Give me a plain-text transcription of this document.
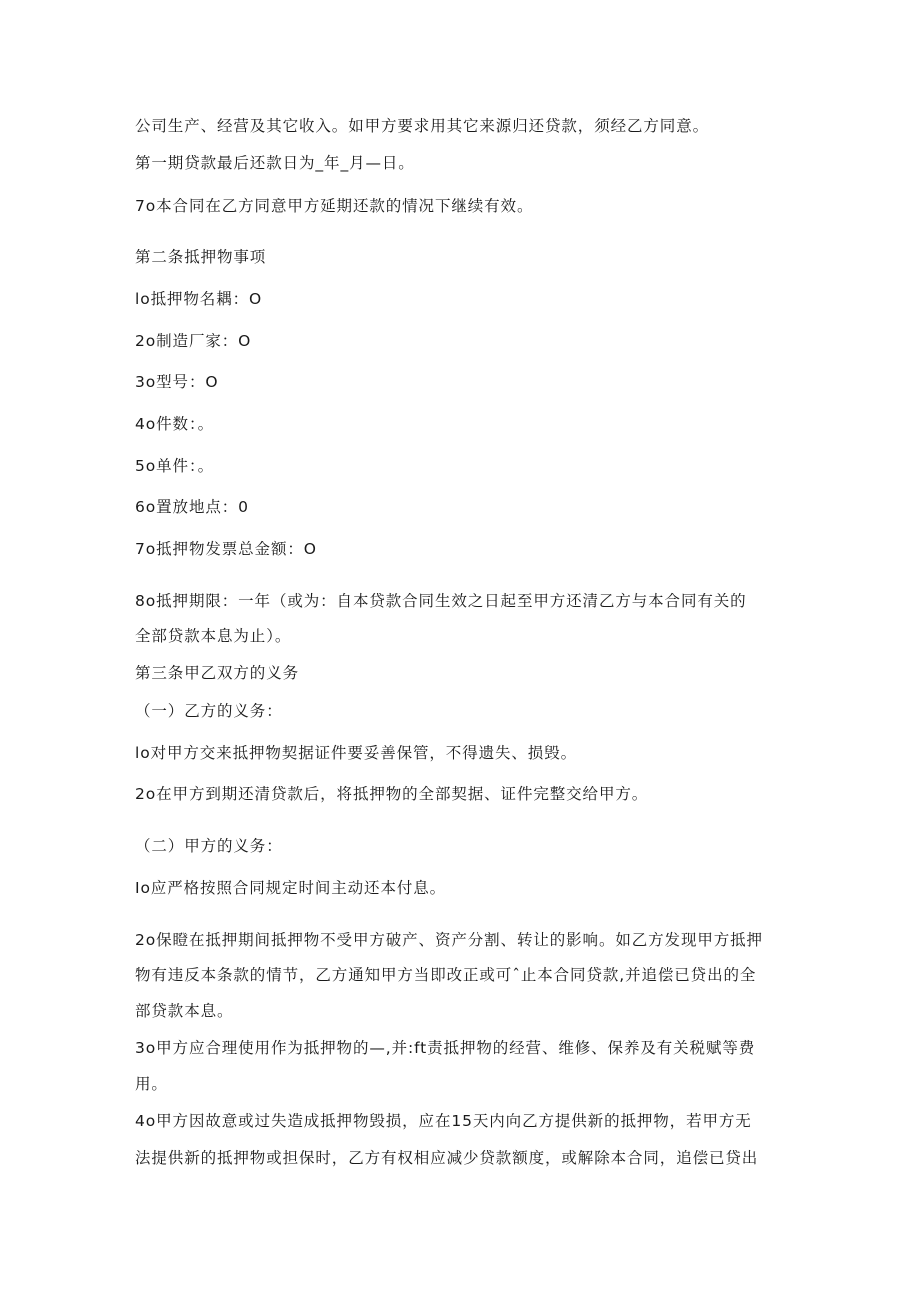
公司生产、经营及其它收入。如甲方要求用其它来源归还贷款，须经乙方同意。
第一期贷款最后还款日为_年_月—日。
7o本合同在乙方同意甲方延期还款的情况下继续有效。
第二条抵押物事项
lo抵押物名耦：O
2o制造厂家：O
3o型号：O
4o件数：。
5o单件：。
6o置放地点：0
7o抵押物发票总金额：O
8o抵押期限：一年（或为：自本贷款合同生效之日起至甲方还清乙方与本合同有关的
全部贷款本息为止）。
第三条甲乙双方的义务
（一）乙方的义务：
lo对甲方交来抵押物契据证件要妥善保管，不得遗失、损毁。
2o在甲方到期还清贷款后，将抵押物的全部契据、证件完整交给甲方。
（二）甲方的义务：
Io应严格按照合同规定时间主动还本付息。
2o保瞪在抵押期间抵押物不受甲方破产、资产分割、转让的影响。如乙方发现甲方抵押
物有违反本条款的情节，乙方通知甲方当即改正或可ˆ止本合同贷款,并追偿已贷出的全
部贷款本息。
3o甲方应合理使用作为抵押物的—,并:ft责抵押物的经营、维修、保养及有关税赋等费
用。
4o甲方因故意或过失造成抵押物毁损，应在15天内向乙方提供新的抵押物，若甲方无
法提供新的抵押物或担保时，乙方有权相应减少贷款额度，或解除本合同，追偿已贷出
